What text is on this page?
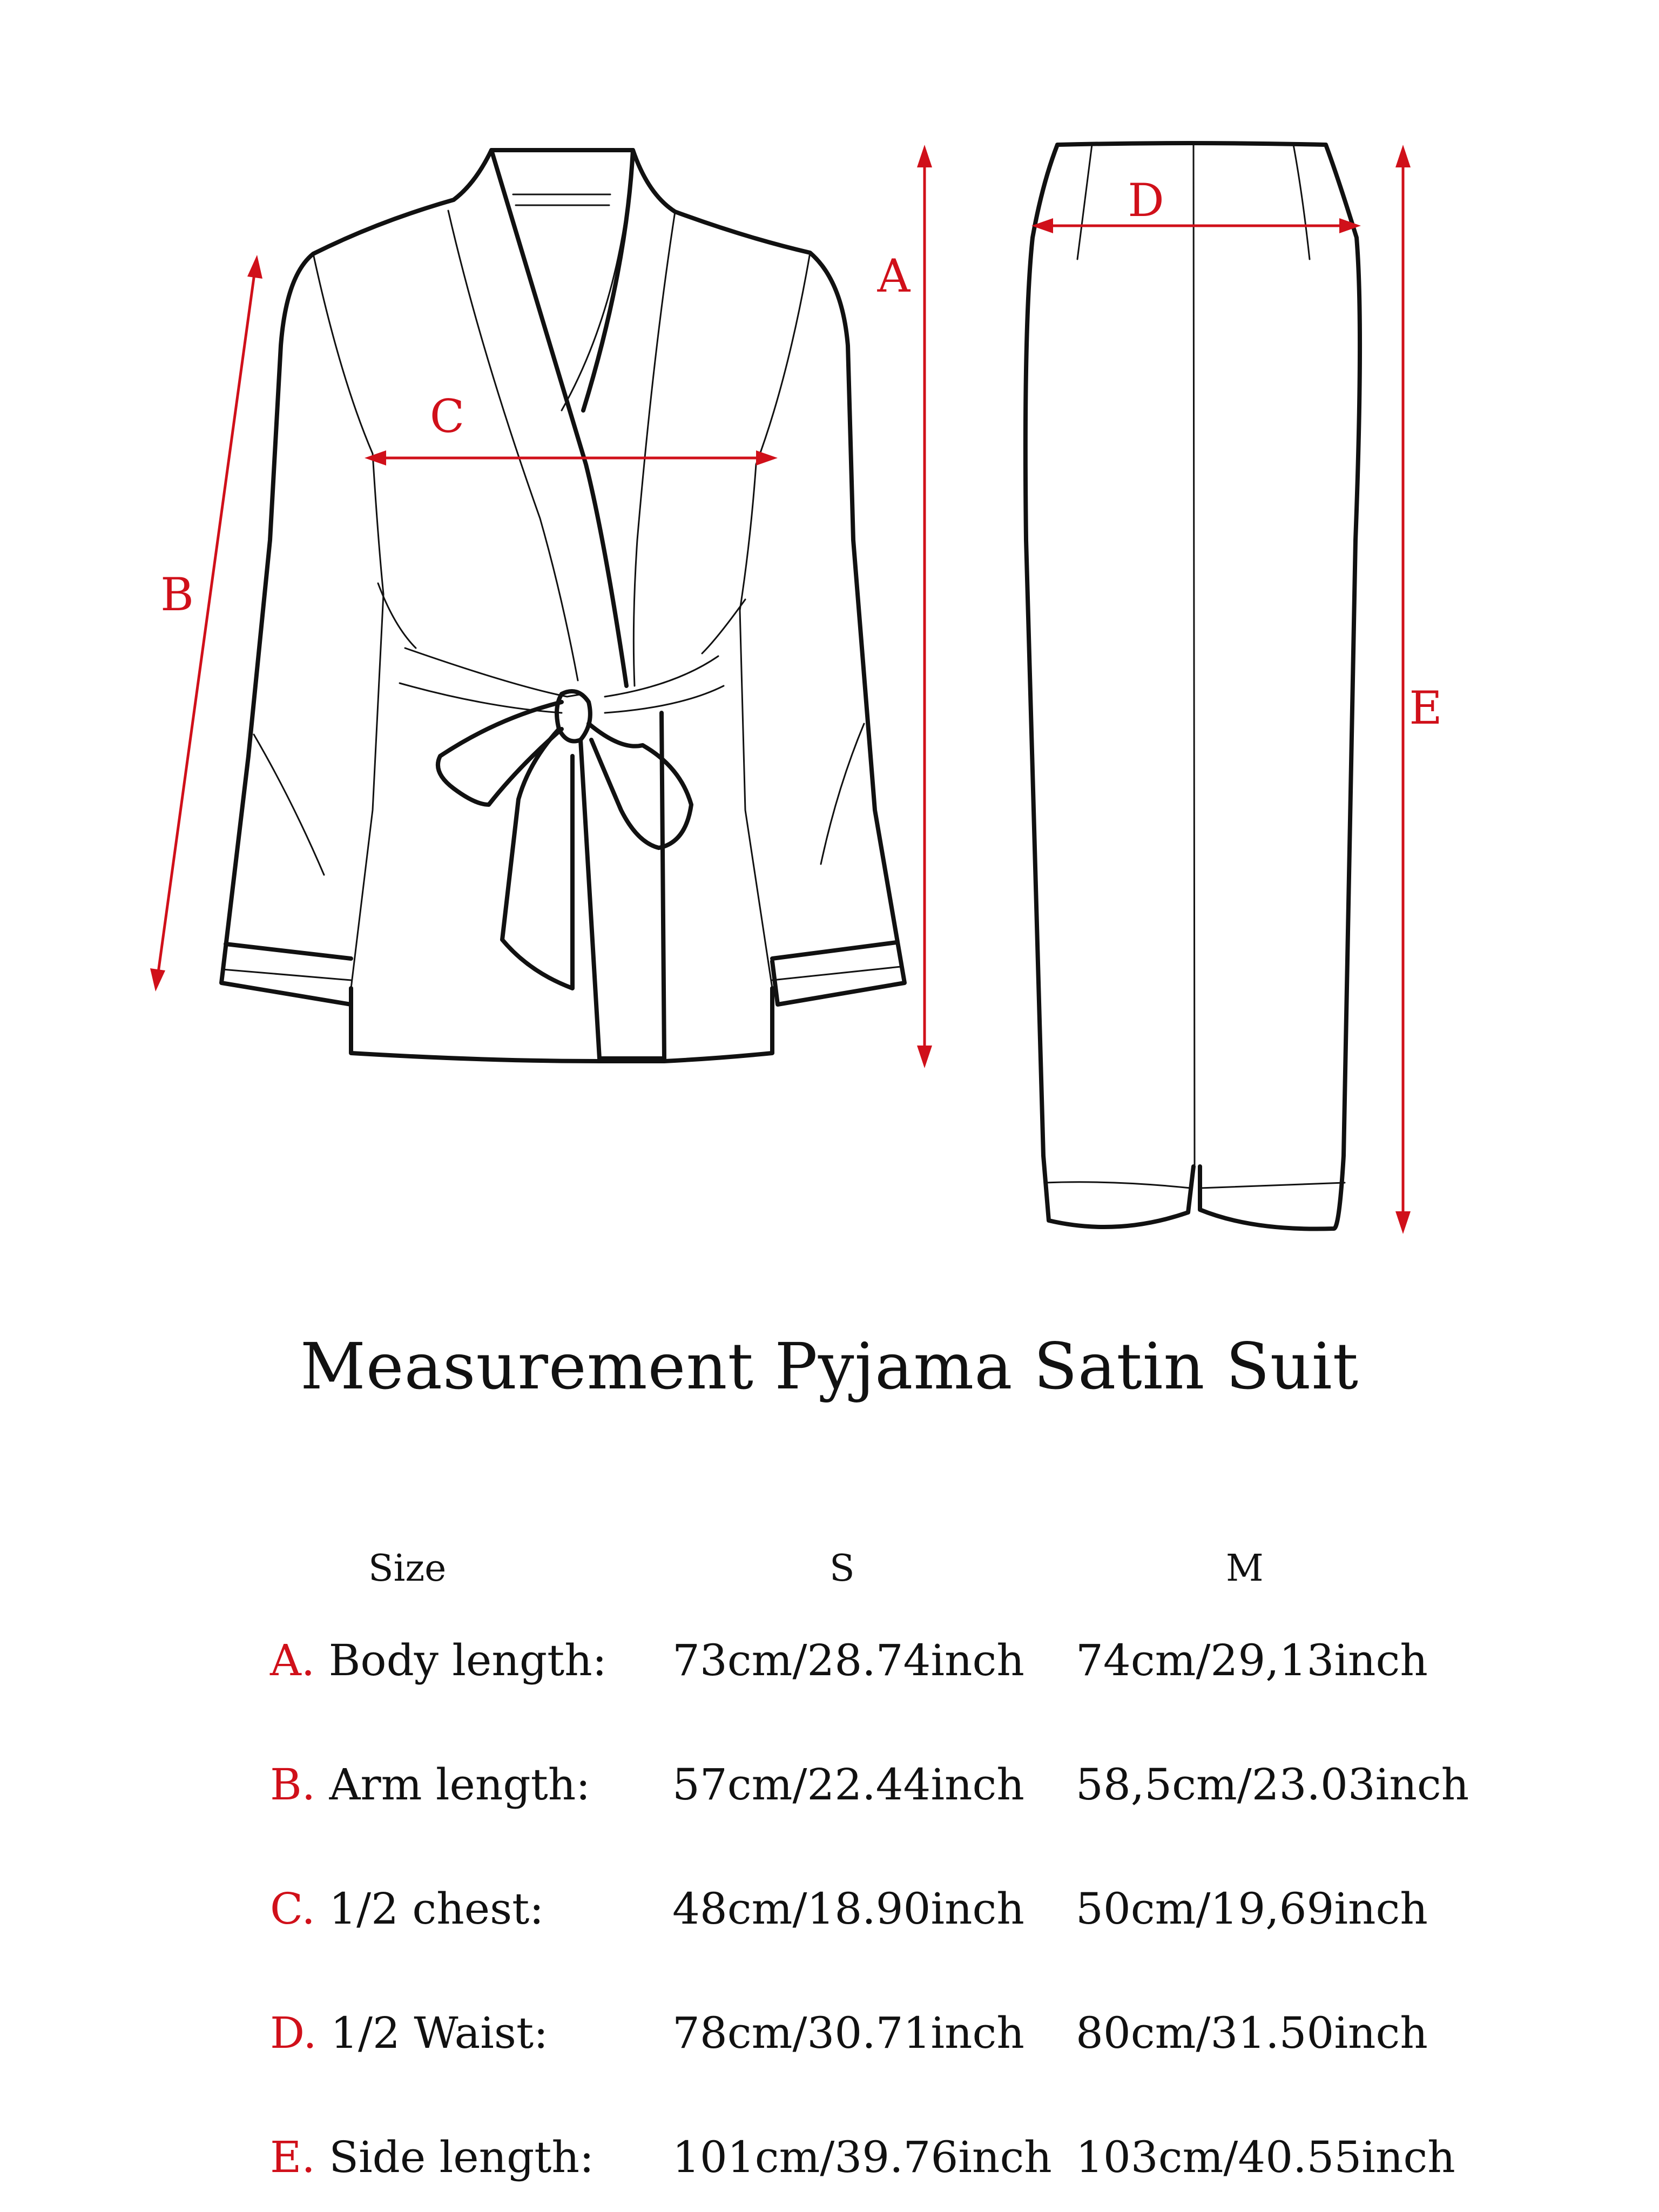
A
B
C
D
E
Measurement Pyjama Satin Suit
Size	S	M
A. Body length: 73cm/28.74inch 74cm/29,13inch
B. Arm length: 57cm/22.44inch 58,5cm/23.03inch
C. 1/2 chest:	48cm/18.90inch 50cm/19,69inch
D. 1/2 Waist:	78cm/30.71inch 80cm/31.50inch
E. Side length: 101cm/39.76inch 103cm/40.55inch
